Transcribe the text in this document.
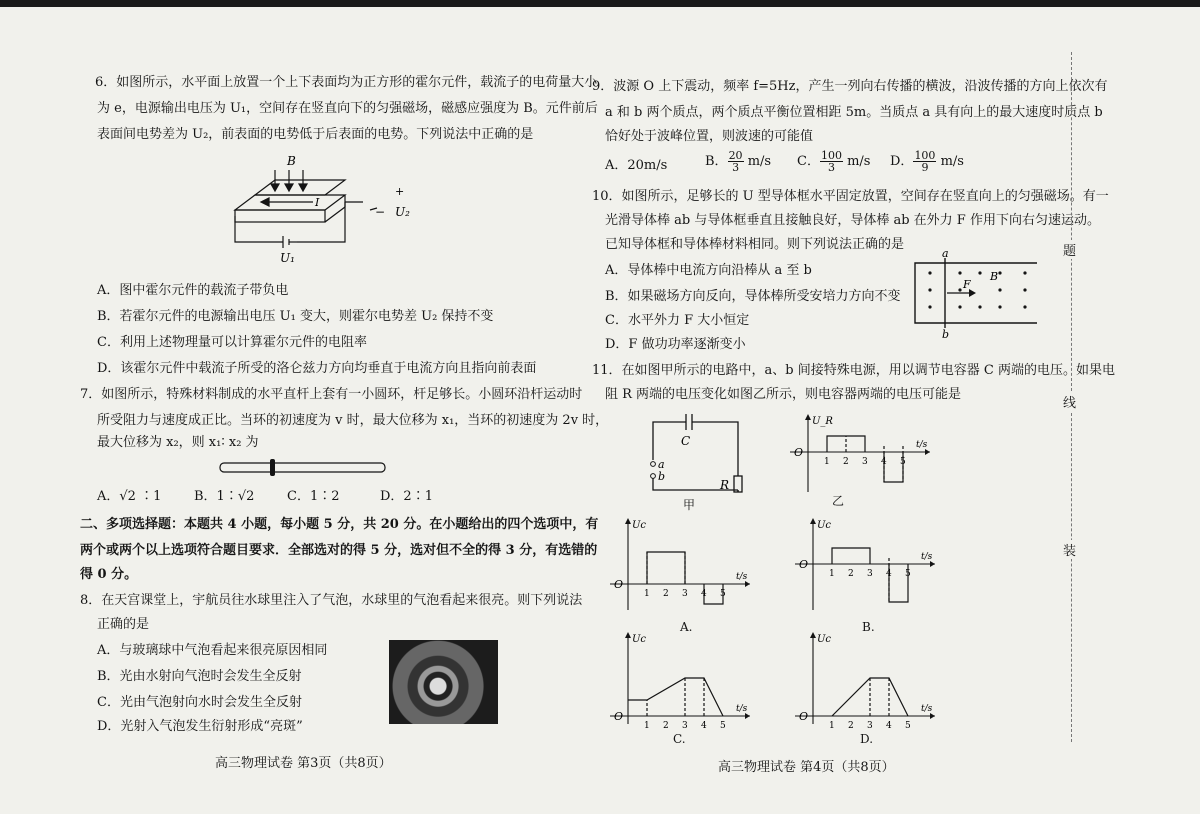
6．如图所示，水平面上放置一个上下表面均为正方形的霍尔元件，载流子的电荷量大小
为 e，电源输出电压为 U₁，空间存在竖直向下的匀强磁场，磁感应强度为 B。元件前后
表面间电势差为 U₂，前表面的电势低于后表面的电势。下列说法中正确的是
B
I
+
U₂
−
U₁
A．图中霍尔元件的载流子带负电
B．若霍尔元件的电源输出电压 U₁ 变大，则霍尔电势差 U₂ 保持不变
C．利用上述物理量可以计算霍尔元件的电阻率
D．该霍尔元件中载流子所受的洛仑兹力方向均垂直于电流方向且指向前表面
7．如图所示，特殊材料制成的水平直杆上套有一小圆环，杆足够长。小圆环沿杆运动时
所受阻力与速度成正比。当环的初速度为 v 时，最大位移为 x₁，当环的初速度为 2v 时，
最大位移为 x₂，则 x₁∶ x₂ 为
A．√2 ∶1	B．1∶√2	C．1∶2	D．2∶1
二、多项选择题：本题共 4 小题，每小题 5 分，共 20 分。在小题给出的四个选项中，有
两个或两个以上选项符合题目要求．全部选对的得 5 分，选对但不全的得 3 分，有选错的
得 0 分。
8．在天宫课堂上，宇航员往水球里注入了气泡，水球里的气泡看起来很亮。则下列说法
正确的是
A．与玻璃球中气泡看起来很亮原因相同
B．光由水射向气泡时会发生全反射
C．光由气泡射向水时会发生全反射
D．光射入气泡发生衍射形成“亮斑”
高三物理试卷 第3页（共8页）
9．波源 O 上下震动，频率 f=5Hz，产生一列向右传播的横波，沿波传播的方向上依次有
a 和 b 两个质点，两个质点平衡位置相距 5m。当质点 a 具有向上的最大速度时质点 b
恰好处于波峰位置，则波速的可能值
A．20m/s	B． $\frac{20}{3} m/s$ C． $\frac{100}{3} m/s$ D． $\frac{100}{9} m/s$
10．如图所示，足够长的 U 型导体框水平固定放置，空间存在竖直向上的匀强磁场。有一
光滑导体棒 ab 与导体框垂直且接触良好，导体棒 ab 在外力 F 作用下向右匀速运动。
已知导体框和导体棒材料相同。则下列说法正确的是
A．导体棒中电流方向沿棒从 a 至 b
B．如果磁场方向反向，导体棒所受安培力方向不变
C．水平外力 F 大小恒定
D．F 做功功率逐渐变小
a
b
B
F
11．在如图甲所示的电路中，a、b 间接特殊电源，用以调节电容器 C 两端的电压。如果电
阻 R 两端的电压变化如图乙所示，则电容器两端的电压可能是
C
R
a
b
甲
O
U_R
t/s
1 2 3 4 5
O
Uc
t/s
1 2 3 4 5
O
Uc
t/s
1 2 3 4 5
O
Uc
t/s
1 2 3 4 5
O
Uc
t/s
1 2 3 4 5
乙
A.	B.
C.	D.
高三物理试卷 第4页（共8页）
题
线
装
